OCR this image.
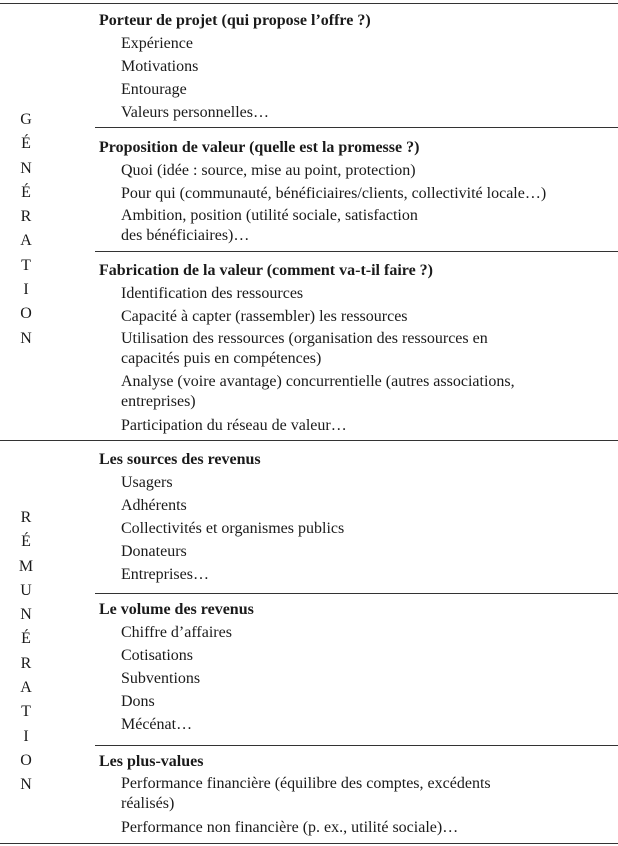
G
É
N
É
R
A
T
I
O
N
R
É
M
U
N
É
R
A
T
I
O
N
Porteur de projet (qui propose l’offre ?)
Expérience
Motivations
Entourage
Valeurs personnelles…
Proposition de valeur (quelle est la promesse ?)
Quoi (idée : source, mise au point, protection)
Pour qui (communauté, bénéficiaires/clients, collectivité locale…)
Ambition, position (utilité sociale, satisfaction
des bénéficiaires)…
Fabrication de la valeur (comment va-t-il faire ?)
Identification des ressources
Capacité à capter (rassembler) les ressources
Utilisation des ressources (organisation des ressources en
capacités puis en compétences)
Analyse (voire avantage) concurrentielle (autres associations,
entreprises)
Participation du réseau de valeur…
Les sources des revenus
Usagers
Adhérents
Collectivités et organismes publics
Donateurs
Entreprises…
Le volume des revenus
Chiffre d’affaires
Cotisations
Subventions
Dons
Mécénat…
Les plus-values
Performance financière (équilibre des comptes, excédents
réalisés)
Performance non financière (p. ex., utilité sociale)…
